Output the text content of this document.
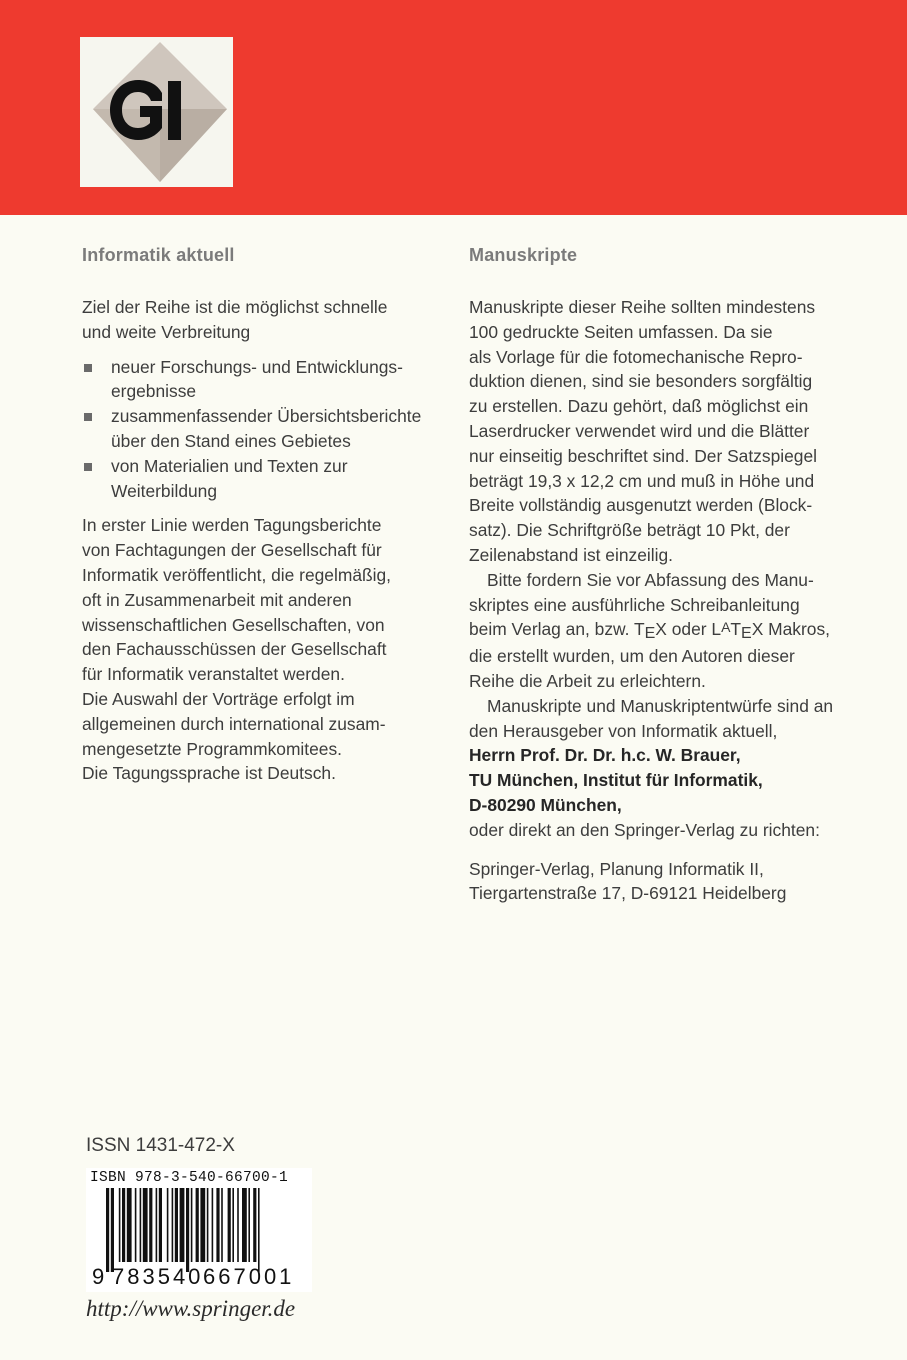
Informatik aktuell

Ziel der Reihe ist die möglichst schnelle
und weite Verbreitung

neuer Forschungs- und Entwicklungs-
ergebnisse
zusammenfassender Übersichtsberichte
über den Stand eines Gebietes
von Materialien und Texten zur
Weiterbildung

In erster Linie werden Tagungsberichte
von Fachtagungen der Gesellschaft für
Informatik veröffentlicht, die regelmäßig,
oft in Zusammenarbeit mit anderen
wissenschaftlichen Gesellschaften, von
den Fachausschüssen der Gesellschaft
für Informatik veranstaltet werden.
Die Auswahl der Vorträge erfolgt im
allgemeinen durch international zusam-
mengesetzte Programmkomitees.
Die Tagungssprache ist Deutsch.

Manuskripte

Manuskripte dieser Reihe sollten mindestens
100 gedruckte Seiten umfassen. Da sie
als Vorlage für die fotomechanische Repro-
duktion dienen, sind sie besonders sorgfältig
zu erstellen. Dazu gehört, daß möglichst ein
Laserdrucker verwendet wird und die Blätter
nur einseitig beschriftet sind. Der Satzspiegel
beträgt 19,3 x 12,2 cm und muß in Höhe und
Breite vollständig ausgenutzt werden (Block-
satz). Die Schriftgröße beträgt 10 Pkt, der
Zeilenabstand ist einzeilig.

Bitte fordern Sie vor Abfassung des Manu-
skriptes eine ausführliche Schreibanleitung
beim Verlag an, bzw. TEX oder LATEX Makros,
die erstellt wurden, um den Autoren dieser
Reihe die Arbeit zu erleichtern.

Manuskripte und Manuskriptentwürfe sind an
den Herausgeber von Informatik aktuell,
Herrn Prof. Dr. Dr. h.c. W. Brauer,
TU München, Institut für Informatik,
D-80290 München,
oder direkt an den Springer-Verlag zu richten:

Springer-Verlag, Planung Informatik II,
Tiergartenstraße 17, D-69121 Heidelberg

ISSN 1431-472-X
ISBN 978-3-540-66700-1
9 783540 667001
http://www.springer.de
